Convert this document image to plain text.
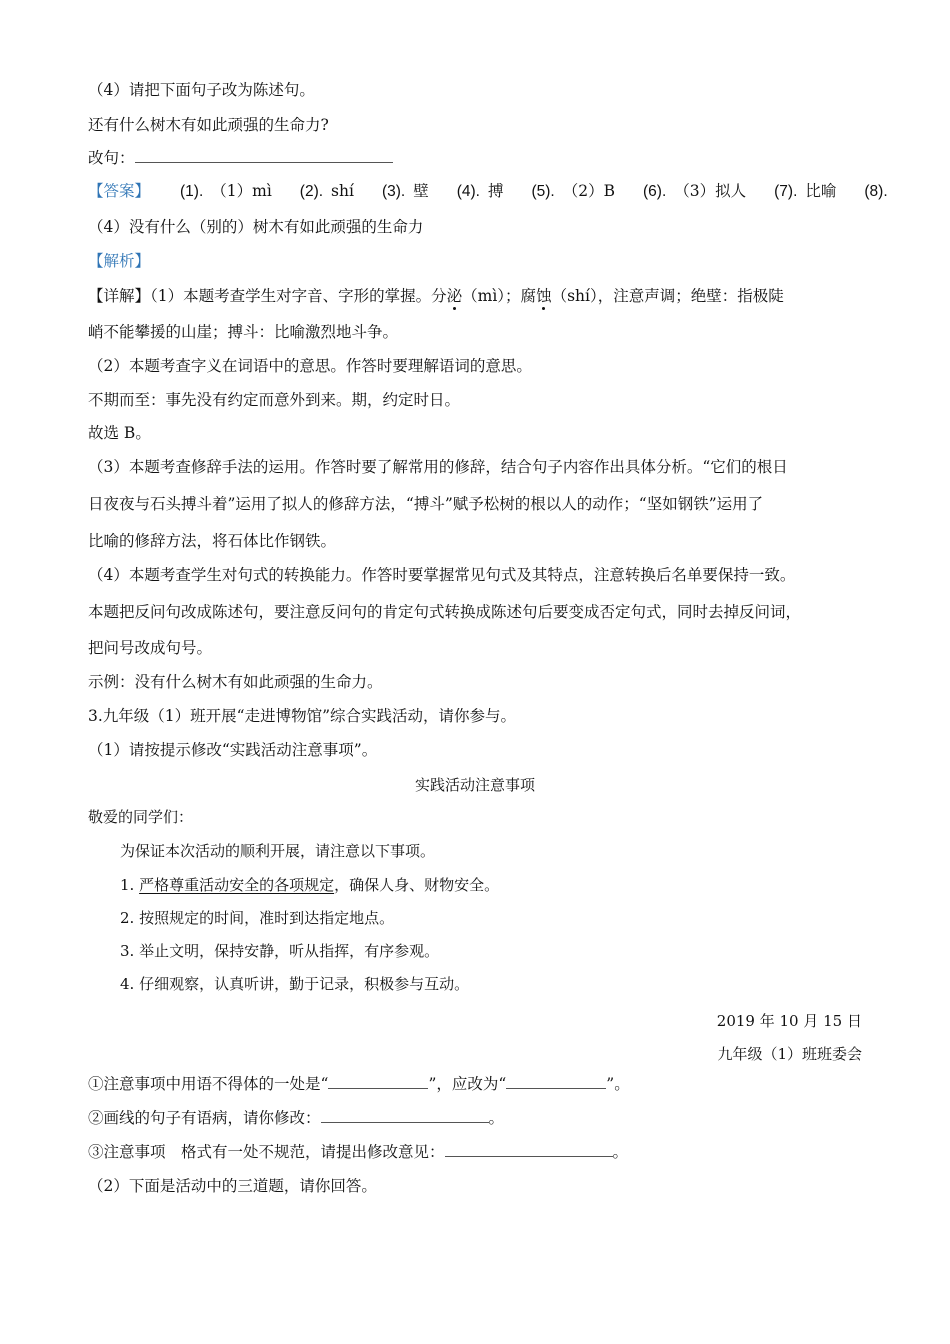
（4）请把下面句子改为陈述句。
还有什么树木有如此顽强的生命力?
改句：
【答案】 (1). （1）mì (2). shí (3). 壁 (4). 搏 (5). （2）B (6). （3）拟人 (7). 比喻 (8).
（4）没有什么（别的）树木有如此顽强的生命力
【解析】
【详解】（1）本题考查学生对字音、字形的掌握。分泌（mì）；腐蚀（shí），注意声调；绝壁：指极陡
峭不能攀援的山崖；搏斗：比喻激烈地斗争。
（2）本题考查字义在词语中的意思。作答时要理解语词的意思。
不期而至：事先没有约定而意外到来。期，约定时日。
故选 B。
（3）本题考查修辞手法的运用。作答时要了解常用的修辞，结合句子内容作出具体分析。“它们的根日
日夜夜与石头搏斗着”运用了拟人的修辞方法，“搏斗”赋予松树的根以人的动作；“坚如钢铁”运用了
比喻的修辞方法，将石体比作钢铁。
（4）本题考查学生对句式的转换能力。作答时要掌握常见句式及其特点，注意转换后名单要保持一致。
本题把反问句改成陈述句，要注意反问句的肯定句式转换成陈述句后要变成否定句式，同时去掉反问词，
把问号改成句号。
示例：没有什么树木有如此顽强的生命力。
3.九年级（1）班开展“走进博物馆”综合实践活动，请你参与。
（1）请按提示修改“实践活动注意事项”。
实践活动注意事项
敬爱的同学们：
为保证本次活动的顺利开展，请注意以下事项。
1. 严格尊重活动安全的各项规定，确保人身、财物安全。
2. 按照规定的时间，准时到达指定地点。
3. 举止文明，保持安静，听从指挥，有序参观。
4. 仔细观察，认真听讲，勤于记录，积极参与互动。
2019 年 10 月 15 日
九年级（1）班班委会
①注意事项中用语不得体的一处是“	”，应改为“	”。
②画线的句子有语病，请你修改：	。
③注意事项　格式有一处不规范，请提出修改意见：	。
（2）下面是活动中的三道题，请你回答。
